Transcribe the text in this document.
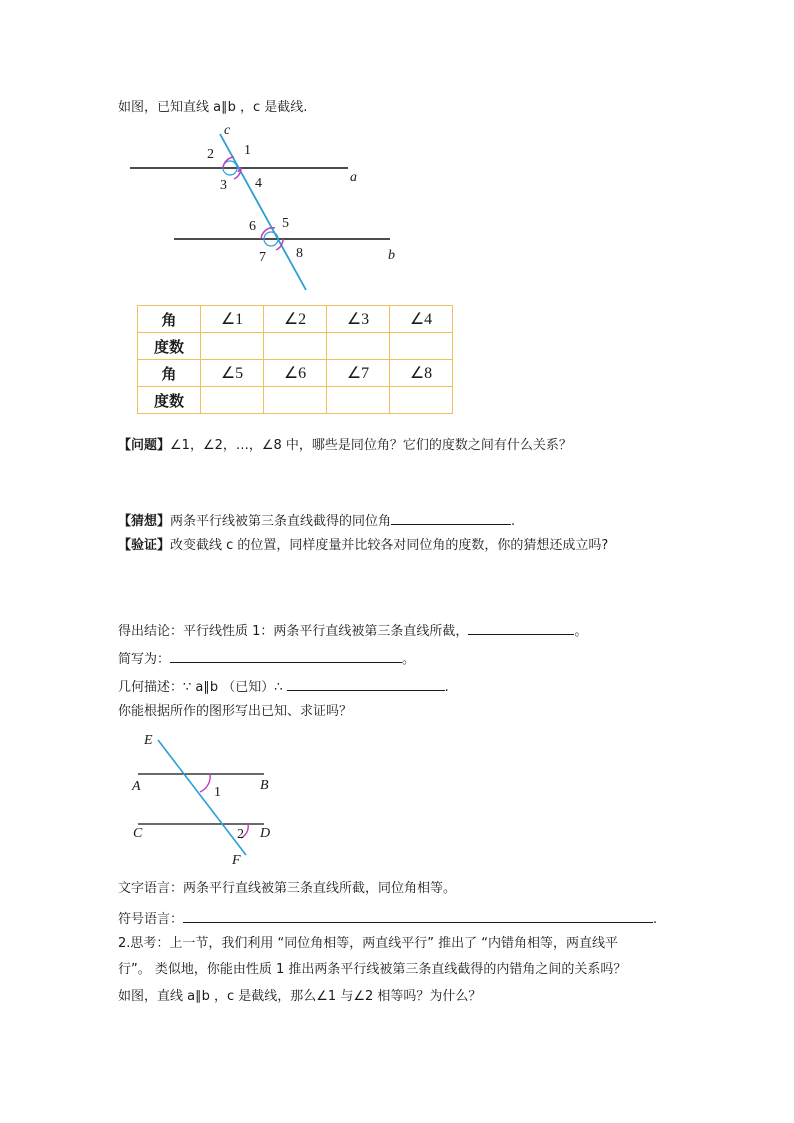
如图，已知直线 a∥b ，c 是截线.
c
1
2
3 4	a
5
6
7 8	b
角	∠1	∠2	∠3	∠4
度数				
角	∠5	∠6	∠7	∠8
度数				
【问题】∠1，∠2，…，∠8 中，哪些是同位角？它们的度数之间有什么关系？
【猜想】两条平行线被第三条直线截得的同位角	.
【验证】改变截线 c 的位置，同样度量并比较各对同位角的度数，你的猜想还成立吗?
得出结论：平行线性质 1：两条平行直线被第三条直线所截，	。
简写为：	。
几何描述：∵ a∥b （已知）∴	.
你能根据所作的图形写出已知、求证吗？
E
A	B
1
C	2 D
F
文字语言：两条平行直线被第三条直线所截，同位角相等。
符号语言：	.
2.思考：上一节，我们利用 “同位角相等，两直线平行” 推出了 “内错角相等，两直线平
行”。 类似地，你能由性质 1 推出两条平行线被第三条直线截得的内错角之间的关系吗？
如图，直线 a∥b ，c 是截线，那么∠1 与∠2 相等吗？为什么？
